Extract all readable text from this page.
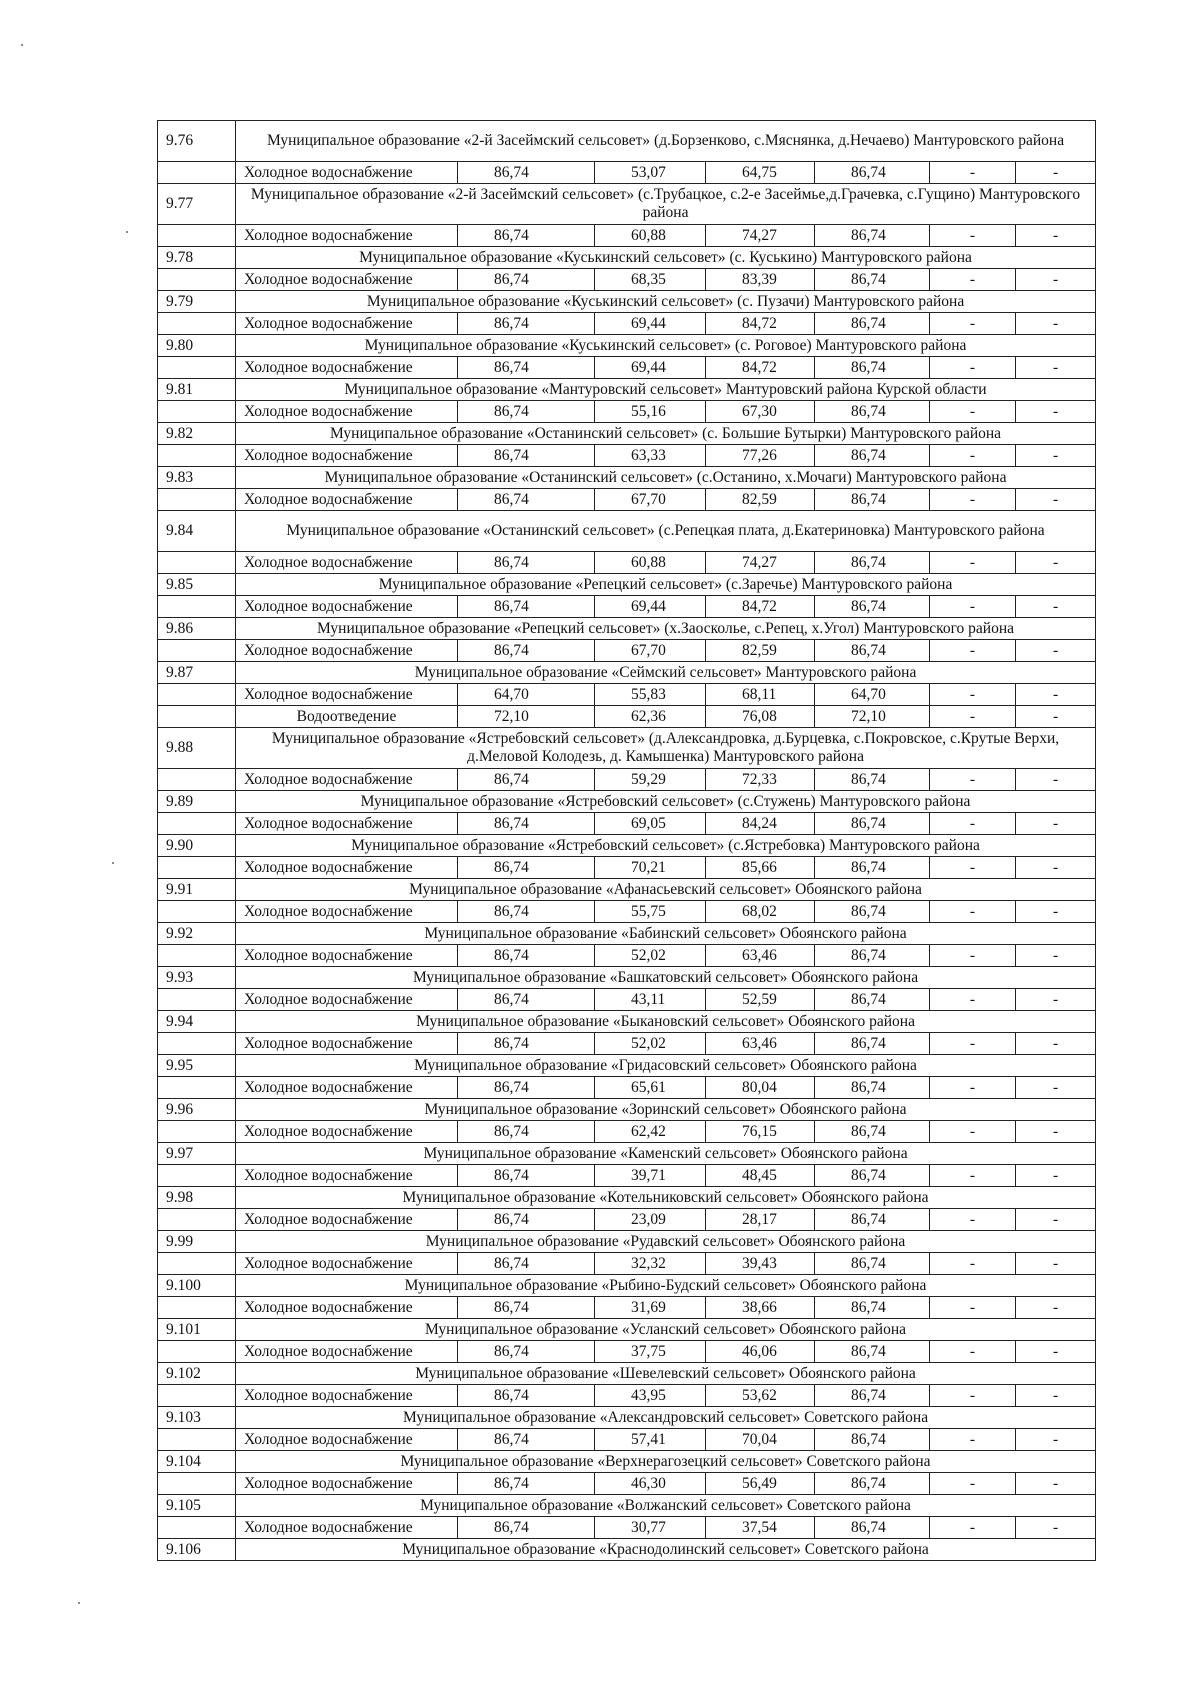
9.76	Муниципальное образование «2-й Засеймский сельсовет» (д.Борзенково, с.Мяснянка, д.Нечаево) Мантуровского района						
	Холодное водоснабжение	86,74	53,07	64,75	86,74	-	-
9.77	Муниципальное образование «2-й Засеймский сельсовет» (с.Трубацкое, с.2-е Засеймье,д.Грачевка, с.Гущино) Мантуровского района						
	Холодное водоснабжение	86,74	60,88	74,27	86,74	-	-
9.78	Муниципальное образование «Куськинский сельсовет» (с. Куськино) Мантуровского района						
	Холодное водоснабжение	86,74	68,35	83,39	86,74	-	-
9.79	Муниципальное образование «Куськинский сельсовет» (с. Пузачи) Мантуровского района						
	Холодное водоснабжение	86,74	69,44	84,72	86,74	-	-
9.80	Муниципальное образование «Куськинский сельсовет» (с. Роговое) Мантуровского района						
	Холодное водоснабжение	86,74	69,44	84,72	86,74	-	-
9.81	Муниципальное образование «Мантуровский сельсовет» Мантуровский района Курской области						
	Холодное водоснабжение	86,74	55,16	67,30	86,74	-	-
9.82	Муниципальное образование «Останинский сельсовет» (с. Большие Бутырки) Мантуровского района						
	Холодное водоснабжение	86,74	63,33	77,26	86,74	-	-
9.83	Муниципальное образование «Останинский сельсовет» (с.Останино, х.Мочаги) Мантуровского района						
	Холодное водоснабжение	86,74	67,70	82,59	86,74	-	-
9.84	Муниципальное образование «Останинский сельсовет» (с.Репецкая плата, д.Екатериновка) Мантуровского района						
	Холодное водоснабжение	86,74	60,88	74,27	86,74	-	-
9.85	Муниципальное образование «Репецкий сельсовет» (с.Заречье) Мантуровского района						
	Холодное водоснабжение	86,74	69,44	84,72	86,74	-	-
9.86	Муниципальное образование «Репецкий сельсовет» (х.Заосколье, с.Репец, х.Угол) Мантуровского района						
	Холодное водоснабжение	86,74	67,70	82,59	86,74	-	-
9.87	Муниципальное образование «Сеймский сельсовет» Мантуровского района						
	Холодное водоснабжение	64,70	55,83	68,11	64,70	-	-
	Водоотведение	72,10	62,36	76,08	72,10	-	-
9.88	Муниципальное образование «Ястребовский сельсовет» (д.Александровка, д.Бурцевка, с.Покровское, с.Крутые Верхи, д.Меловой Колодезь, д. Камышенка) Мантуровского района						
	Холодное водоснабжение	86,74	59,29	72,33	86,74	-	-
9.89	Муниципальное образование «Ястребовский сельсовет» (с.Стужень) Мантуровского района						
	Холодное водоснабжение	86,74	69,05	84,24	86,74	-	-
9.90	Муниципальное образование «Ястребовский сельсовет» (с.Ястребовка) Мантуровского района						
	Холодное водоснабжение	86,74	70,21	85,66	86,74	-	-
9.91	Муниципальное образование «Афанасьевский сельсовет» Обоянского района						
	Холодное водоснабжение	86,74	55,75	68,02	86,74	-	-
9.92	Муниципальное образование «Бабинский сельсовет» Обоянского района						
	Холодное водоснабжение	86,74	52,02	63,46	86,74	-	-
9.93	Муниципальное образование «Башкатовский сельсовет» Обоянского района						
	Холодное водоснабжение	86,74	43,11	52,59	86,74	-	-
9.94	Муниципальное образование «Быкановский сельсовет» Обоянского района						
	Холодное водоснабжение	86,74	52,02	63,46	86,74	-	-
9.95	Муниципальное образование «Гридасовский сельсовет» Обоянского района						
	Холодное водоснабжение	86,74	65,61	80,04	86,74	-	-
9.96	Муниципальное образование «Зоринский сельсовет» Обоянского района						
	Холодное водоснабжение	86,74	62,42	76,15	86,74	-	-
9.97	Муниципальное образование «Каменский сельсовет» Обоянского района						
	Холодное водоснабжение	86,74	39,71	48,45	86,74	-	-
9.98	Муниципальное образование «Котельниковский сельсовет» Обоянского района						
	Холодное водоснабжение	86,74	23,09	28,17	86,74	-	-
9.99	Муниципальное образование «Рудавский сельсовет» Обоянского района						
	Холодное водоснабжение	86,74	32,32	39,43	86,74	-	-
9.100	Муниципальное образование «Рыбино-Будский сельсовет» Обоянского района						
	Холодное водоснабжение	86,74	31,69	38,66	86,74	-	-
9.101	Муниципальное образование «Усланский сельсовет» Обоянского района						
	Холодное водоснабжение	86,74	37,75	46,06	86,74	-	-
9.102	Муниципальное образование «Шевелевский сельсовет» Обоянского района						
	Холодное водоснабжение	86,74	43,95	53,62	86,74	-	-
9.103	Муниципальное образование «Александровский сельсовет» Советского района						
	Холодное водоснабжение	86,74	57,41	70,04	86,74	-	-
9.104	Муниципальное образование «Верхнерагозецкий сельсовет» Советского района						
	Холодное водоснабжение	86,74	46,30	56,49	86,74	-	-
9.105	Муниципальное образование «Волжанский сельсовет» Советского района						
	Холодное водоснабжение	86,74	30,77	37,54	86,74	-	-
9.106	Муниципальное образование «Краснодолинский сельсовет» Советского района						
